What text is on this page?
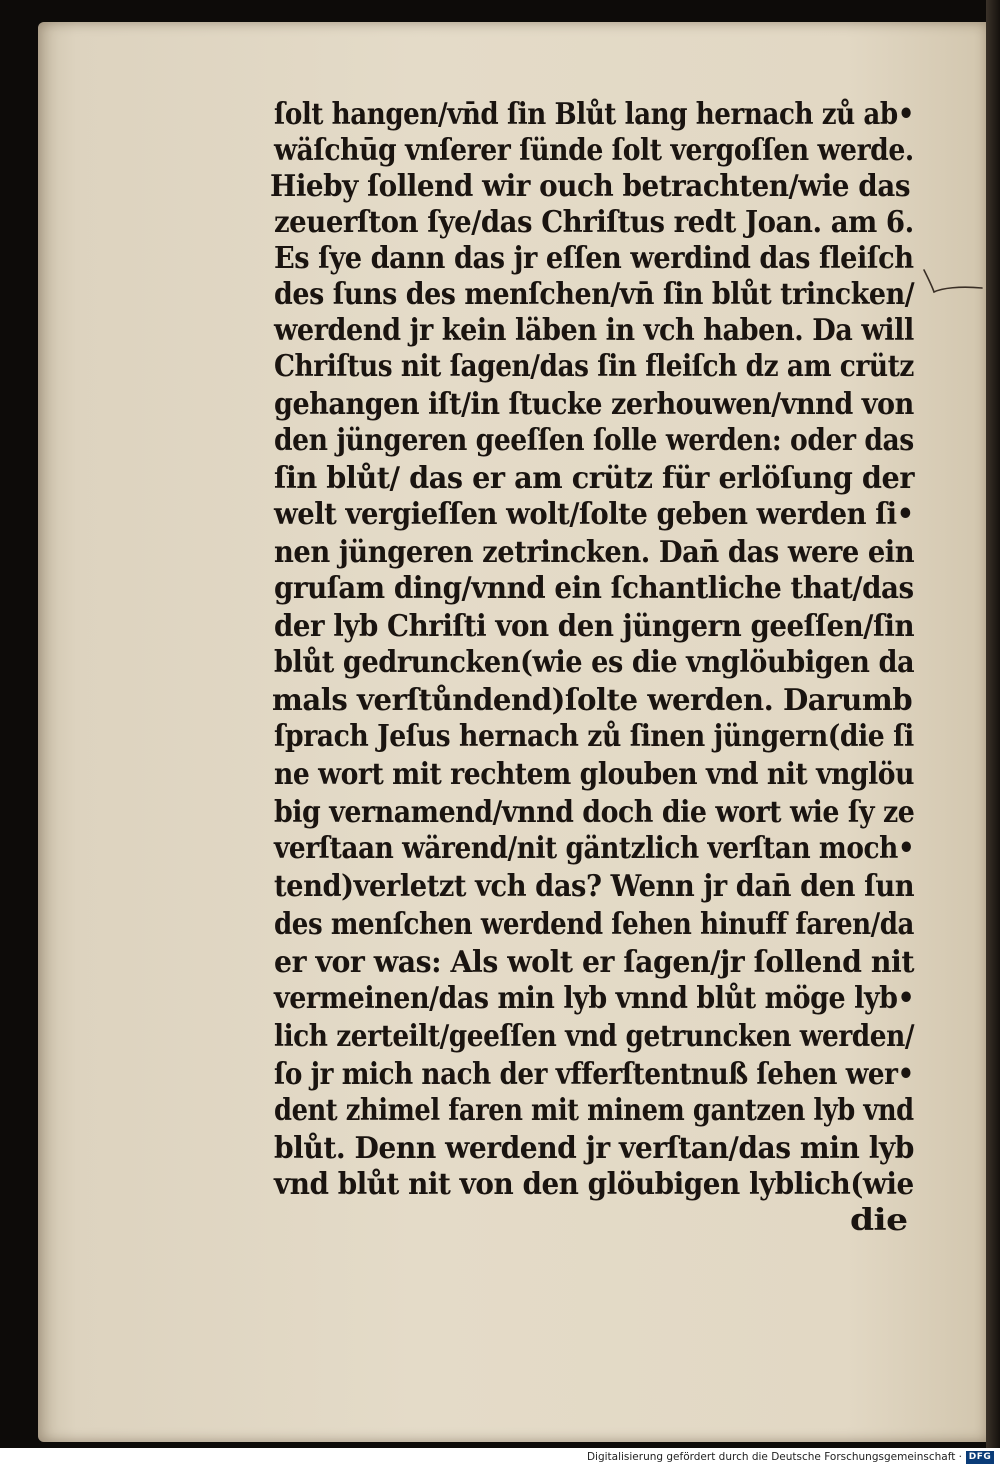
ſolt hangen/vn̄d ſin Blůt lang hernach zů ab•
wäſchūg vnſerer ſünde ſolt vergoſſen werde.
Hieby ſollend wir ouch betrachten/wie das
zeuerſton ſye/das Chriſtus redt Joan. am 6.
Es ſye dann das jr eſſen werdind das fleiſch
des ſuns des menſchen/vn̄ ſin blůt trincken/
werdend jr kein läben in vch haben. Da will
Chriſtus nit ſagen/das ſin fleiſch dz am crütz
gehangen iſt/in ſtucke zerhouwen/vnnd von
den jüngeren geeſſen ſolle werden: oder das
ſin blůt/ das er am crütz für erlöſung der
welt vergieſſen wolt/ſolte geben werden ſi•
nen jüngeren zetrincken. Dan̄ das were ein
gruſam ding/vnnd ein ſchantliche that/das
der lyb Chriſti von den jüngern geeſſen/ſin
blůt gedruncken(wie es die vnglöubigen da
mals verſtůndend)ſolte werden. Darumb
ſprach Jeſus hernach zů ſinen jüngern(die ſi
ne wort mit rechtem glouben vnd nit vnglöu
big vernamend/vnnd doch die wort wie ſy ze
verſtaan wärend/nit gäntzlich verſtan moch•
tend)verletzt vch das? Wenn jr dan̄ den ſun
des menſchen werdend ſehen hinuff faren/da
er vor was: Als wolt er ſagen/jr ſollend nit
vermeinen/das min lyb vnnd blůt möge lyb•
lich zerteilt/geeſſen vnd getruncken werden/
ſo jr mich nach der vfferſtentnuß ſehen wer•
dent zhimel faren mit minem gantzen lyb vnd
blůt. Denn werdend jr verſtan/das min lyb
vnd blůt nit von den glöubigen lyblich(wie
die
Digitalisierung gefördert durch die Deutsche Forschungsgemeinschaft · DFG
